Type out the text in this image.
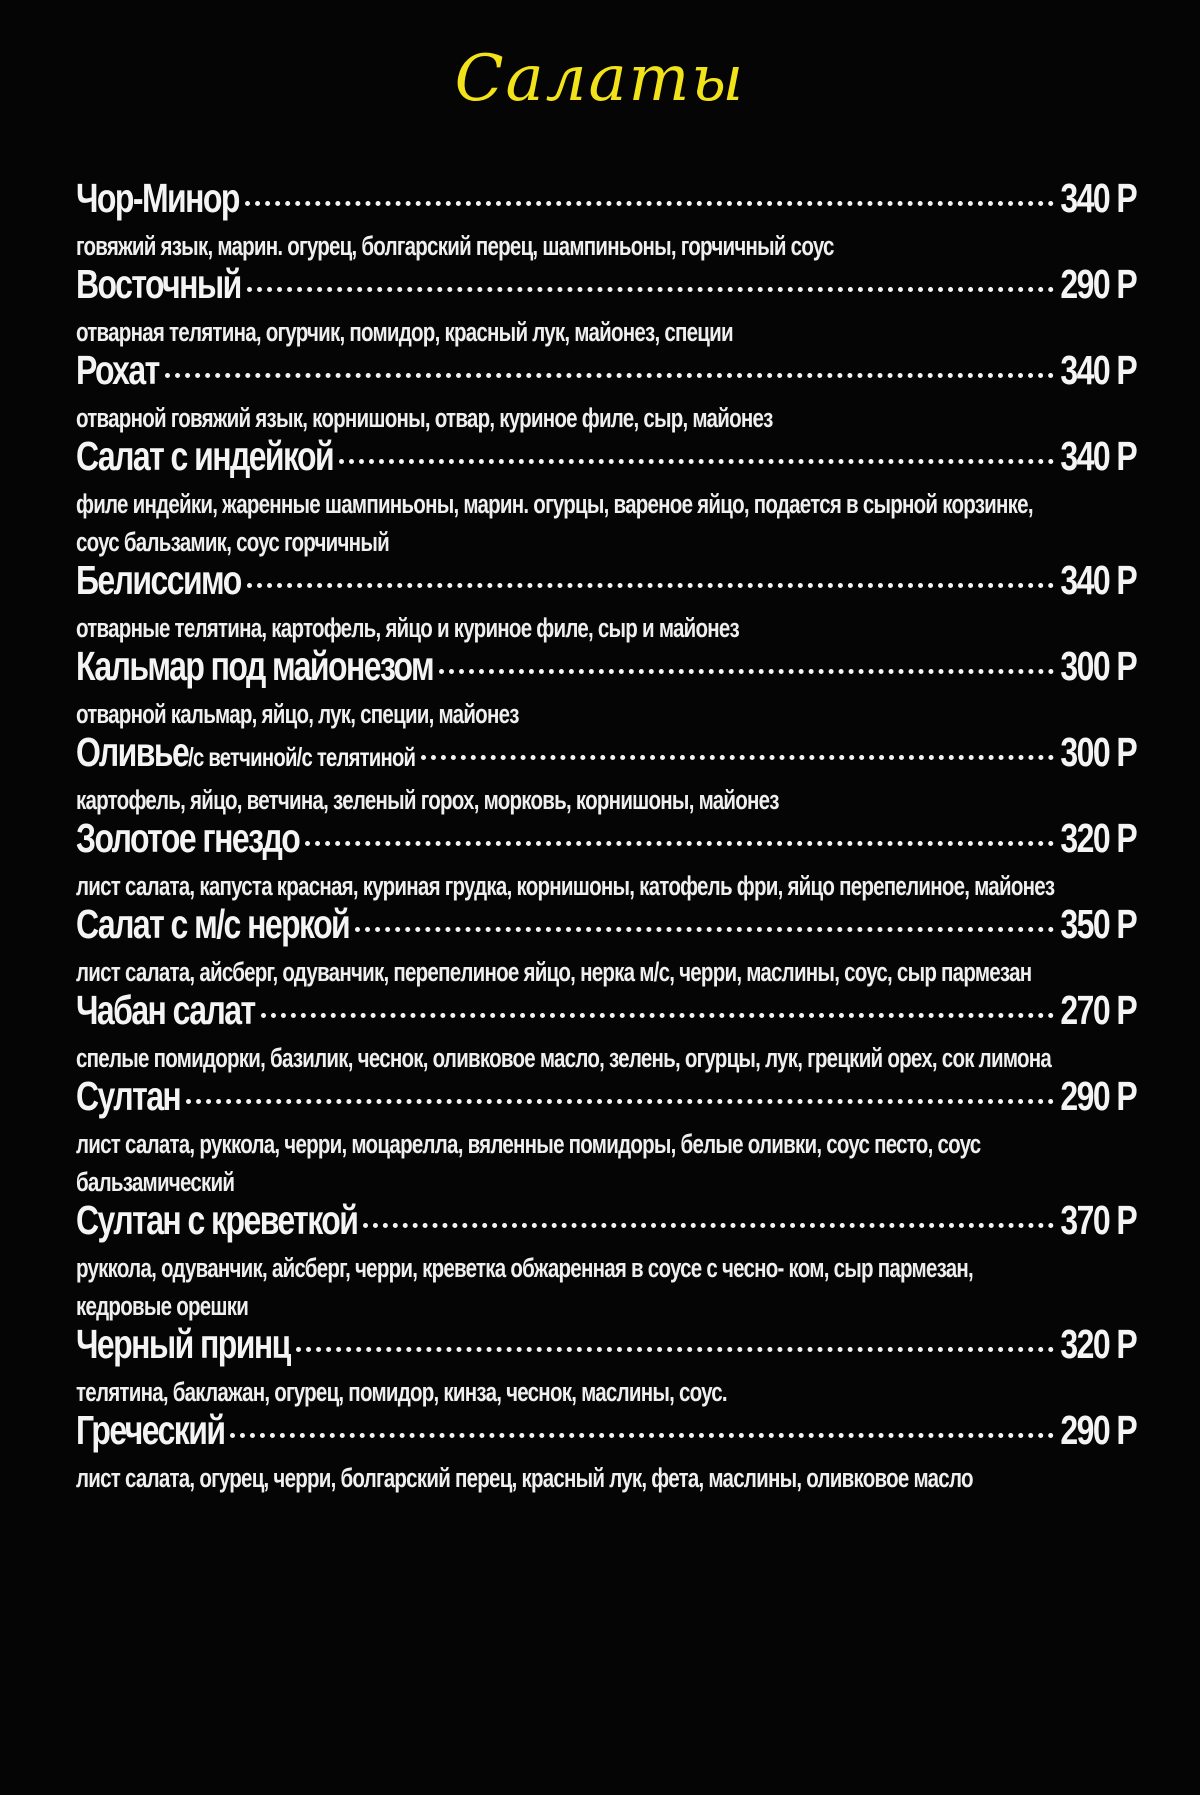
Салаты
Чор-Минор	340 Р
говяжий язык, марин. огурец, болгарский перец, шампиньоны, горчичный соус
Восточный	290 Р
отварная телятина, огурчик, помидор, красный лук, майонез, специи
Рохат	340 Р
отварной говяжий язык, корнишоны, отвар, куриное филе, сыр, майонез
Салат с индейкой	340 Р
филе индейки, жаренные шампиньоны, марин. огурцы, вареное яйцо, подается в сырной корзинке, соус бальзамик, соус горчичный
Белиссимо	340 Р
отварные телятина, картофель, яйцо и куриное филе, сыр и майонез
Кальмар под майонезом	300 Р
отварной кальмар, яйцо, лук, специи, майонез
Оливье/с ветчиной/с телятиной	300 Р
картофель, яйцо, ветчина, зеленый горох, морковь, корнишоны, майонез
Золотое гнездо	320 Р
лист салата, капуста красная, куриная грудка, корнишоны, катофель фри, яйцо перепелиное, майонез
Салат с м/с неркой	350 Р
лист салата, айсберг, одуванчик, перепелиное яйцо, нерка м/с, черри, маслины, соус, сыр пармезан
Чабан салат	270 Р
спелые помидорки, базилик, чеснок, оливковое масло, зелень, огурцы, лук, грецкий орех, сок лимона
Султан	290 Р
лист салата, руккола, черри, моцарелла, вяленные помидоры, белые оливки, соус песто, соус бальзамический
Султан с креветкой	370 Р
руккола, одуванчик, айсберг, черри, креветка обжаренная в соусе с чесно- ком, сыр пармезан, кедровые орешки
Черный принц	320 Р
телятина, баклажан, огурец, помидор, кинза, чеснок, маслины, соус.
Греческий	290 Р
лист салата, огурец, черри, болгарский перец, красный лук, фета, маслины, оливковое масло
